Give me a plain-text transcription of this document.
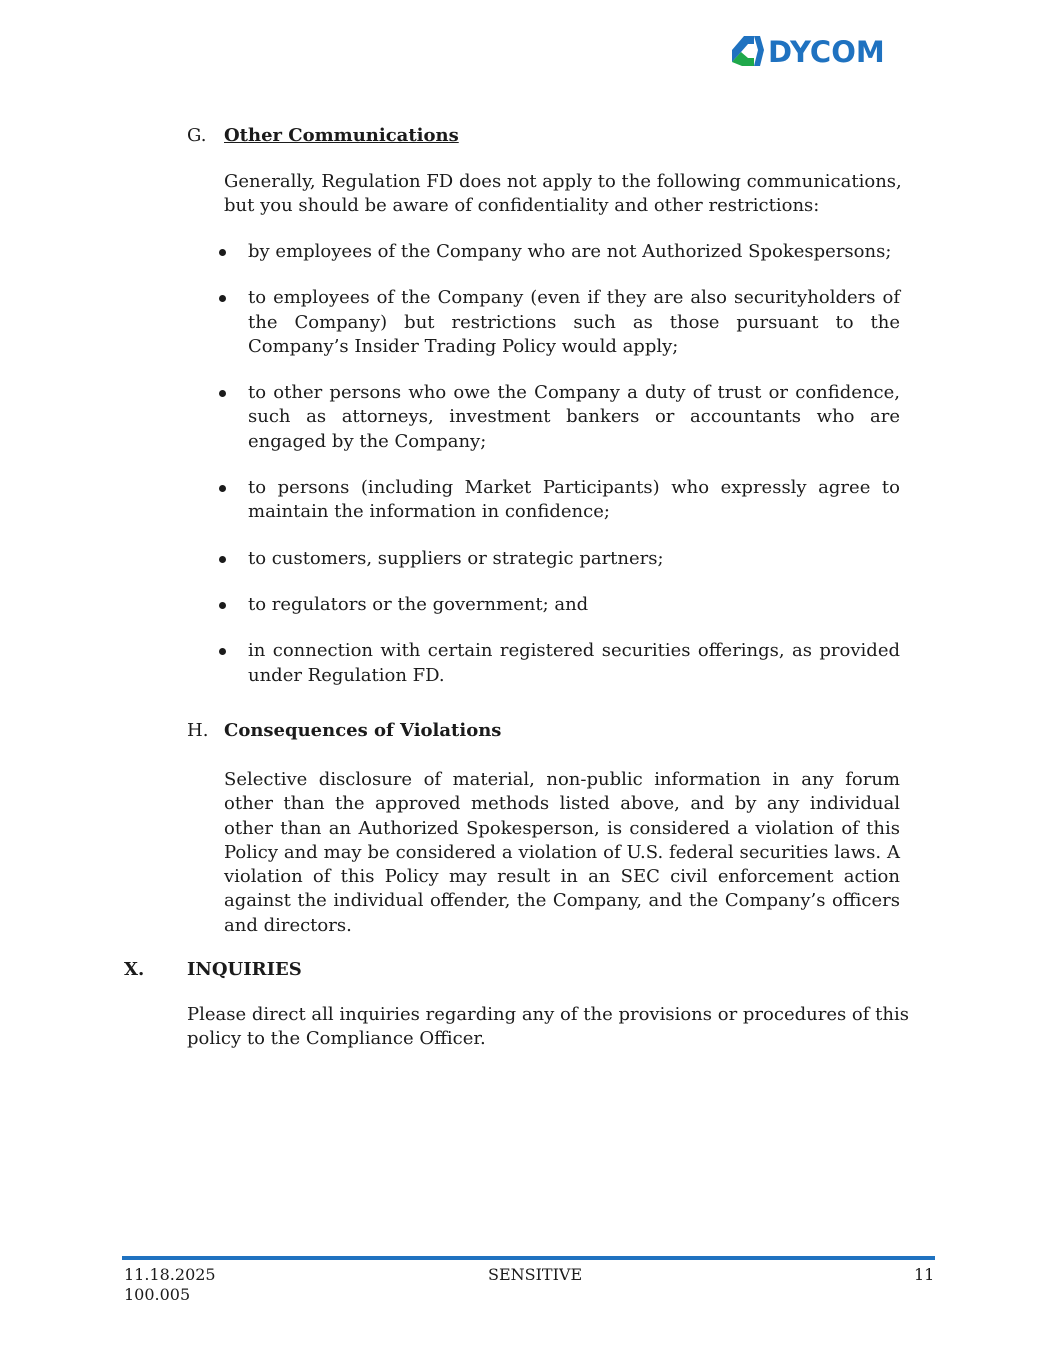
DYCOM
G. Other Communications

Generally, Regulation FD does not apply to the following communications, but you should be aware of confidentiality and other restrictions:

by employees of the Company who are not Authorized Spokespersons;
to employees of the Company (even if they are also securityholders of the Company) but restrictions such as those pursuant to the Company’s Insider Trading Policy would apply;
to other persons who owe the Company a duty of trust or confidence, such as attorneys, investment bankers or accountants who are engaged by the Company;
to persons (including Market Participants) who expressly agree to maintain the information in confidence;
to customers, suppliers or strategic partners;
to regulators or the government; and
in connection with certain registered securities offerings, as provided under Regulation FD.
H. Consequences of Violations

Selective disclosure of material, non-public information in any forum other than the approved methods listed above, and by any individual other than an Authorized Spokesperson, is considered a violation of this Policy and may be considered a violation of U.S. federal securities laws. A violation of this Policy may result in an SEC civil enforcement action against the individual offender, the Company, and the Company’s officers and directors.

X. INQUIRIES

Please direct all inquiries regarding any of the provisions or procedures of this policy to the Compliance Officer.

11.18.2025
100.005
SENSITIVE	11
